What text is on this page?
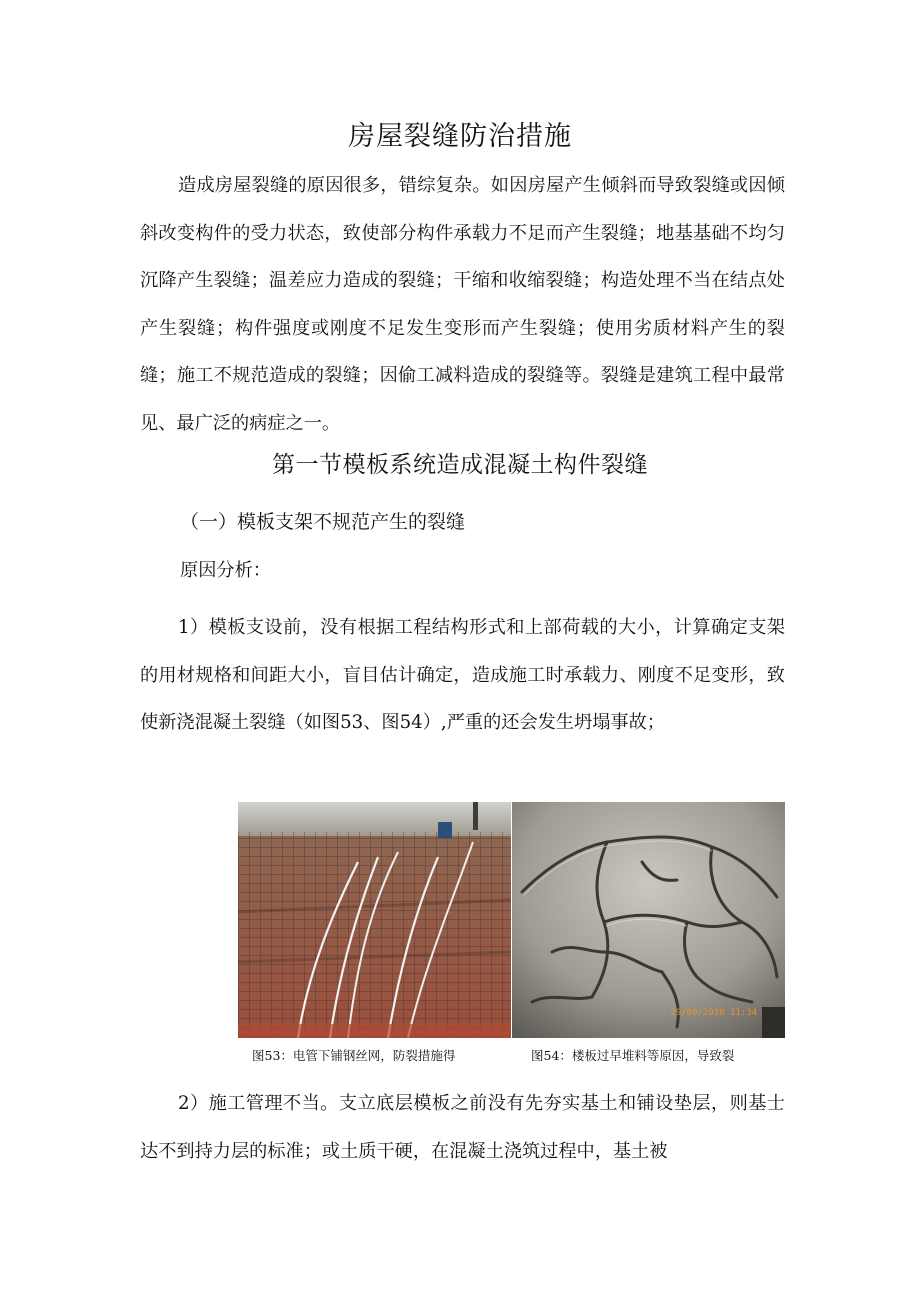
房屋裂缝防治措施

造成房屋裂缝的原因很多，错综复杂。如因房屋产生倾斜而导致裂缝或因倾斜改变构件的受力状态，致使部分构件承载力不足而产生裂缝；地基基础不均匀沉降产生裂缝；温差应力造成的裂缝；干缩和收缩裂缝；构造处理不当在结点处产生裂缝；构件强度或刚度不足发生变形而产生裂缝；使用劣质材料产生的裂缝；施工不规范造成的裂缝；因偷工减料造成的裂缝等。裂缝是建筑工程中最常见、最广泛的病症之一。

第一节模板系统造成混凝土构件裂缝

（一）模板支架不规范产生的裂缝

原因分析：

1）模板支设前，没有根据工程结构形式和上部荷载的大小，计算确定支架的用材规格和间距大小，盲目估计确定，造成施工时承载力、刚度不足变形，致使新浇混凝土裂缝（如图53、图54）,严重的还会发生坍塌事故；

29/09/2010 11:34

图53：电管下铺钢丝网，防裂措施得	图54：楼板过早堆料等原因，导致裂

2）施工管理不当。支立底层模板之前没有先夯实基土和铺设垫层，则基士达不到持力层的标准；或土质干硬，在混凝土浇筑过程中，基土被
